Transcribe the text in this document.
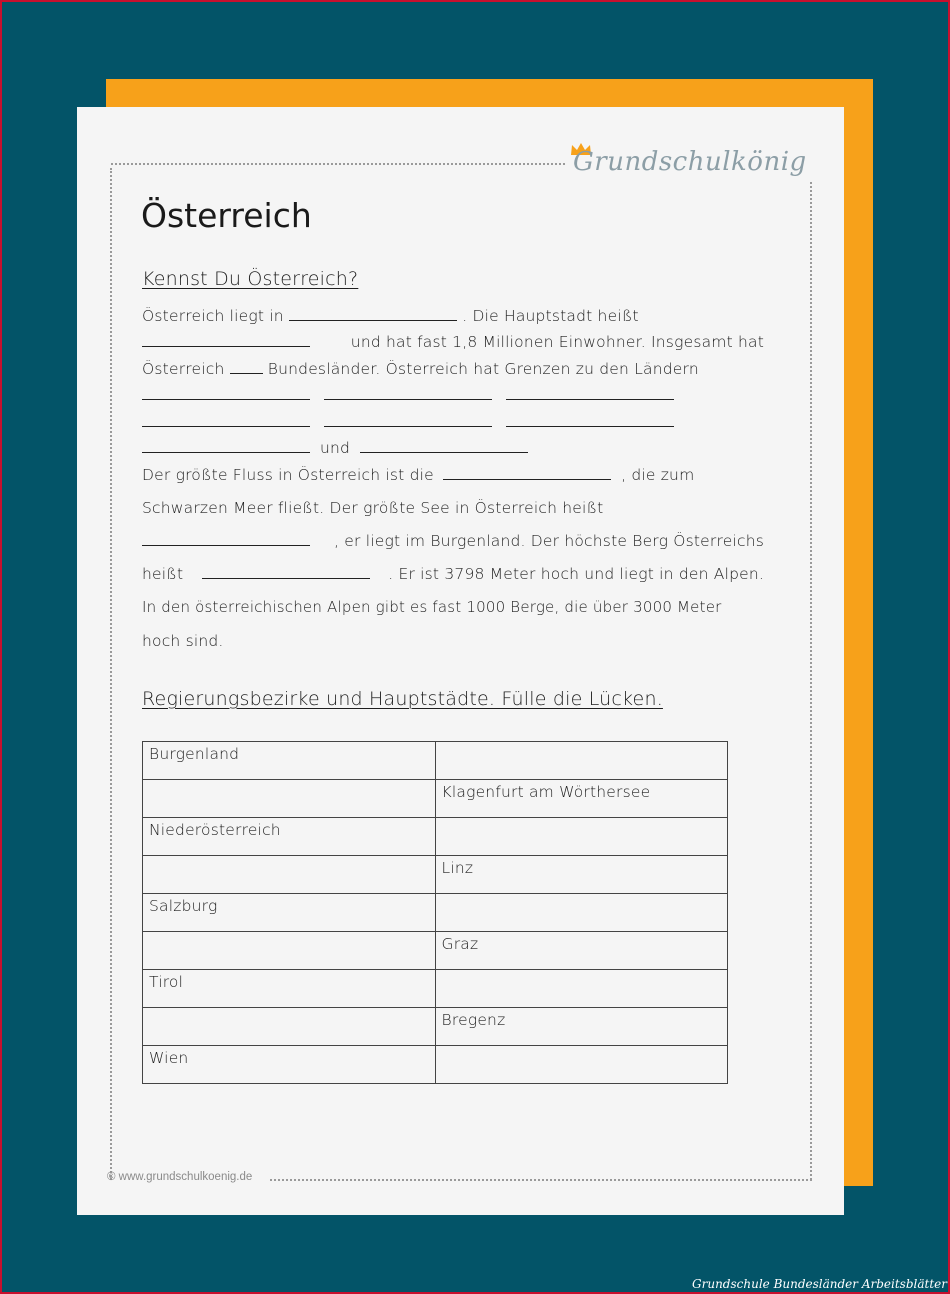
Grundschulkönig
Österreich
Kennst Du Österreich?
Österreich liegt in	. Die Hauptstadt heißt
und hat fast 1,8 Millionen Einwohner. Insgesamt hat
Österreich	Bundesländer. Österreich hat Grenzen zu den Ländern
und
Der größte Fluss in Österreich ist die	, die zum
Schwarzen Meer fließt. Der größte See in Österreich heißt
, er liegt im Burgenland. Der höchste Berg Österreichs
heißt	. Er ist 3798 Meter hoch und liegt in den Alpen.
In den österreichischen Alpen gibt es fast 1000 Berge, die über 3000 Meter
hoch sind.
Regierungsbezirke und Hauptstädte. Fülle die Lücken.
Burgenland	

	Klagenfurt am Wörthersee

Niederösterreich	

	Linz

Salzburg	

	Graz

Tirol	

	Bregenz

Wien	

© www.grundschulkoenig.de
Grundschule Bundesländer Arbeitsblätter
